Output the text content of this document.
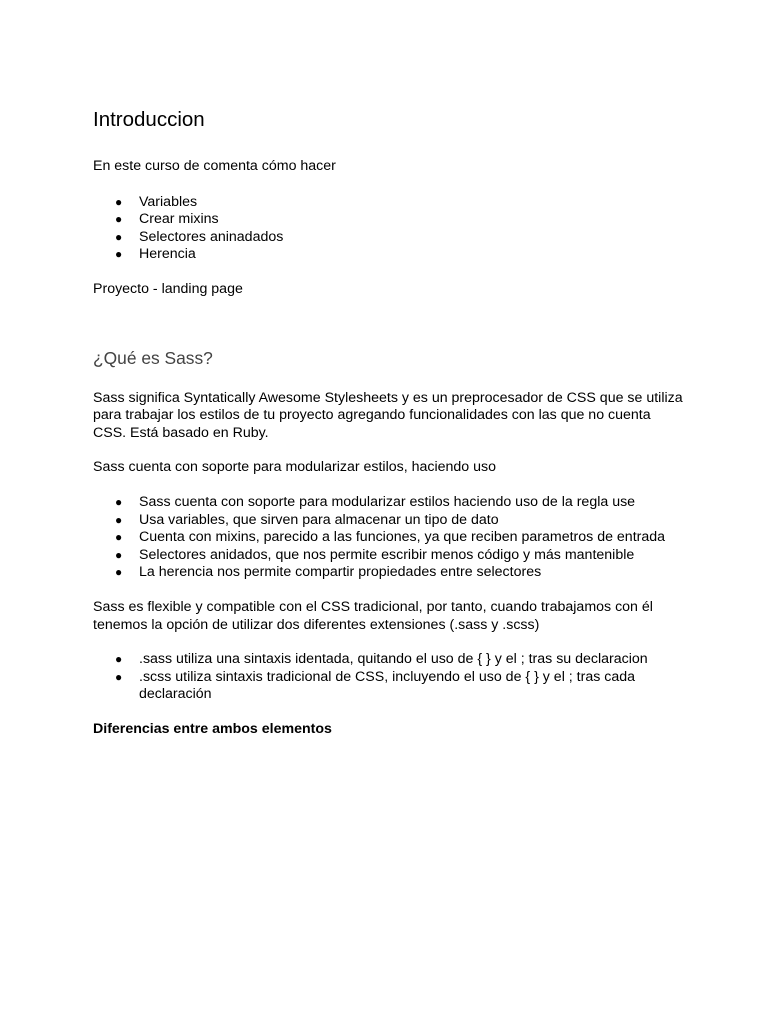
Introduccion

En este curso de comenta cómo hacer

● Variables
● Crear mixins
● Selectores aninadados
● Herencia

Proyecto - landing page

¿Qué es Sass?

Sass significa Syntatically Awesome Stylesheets y es un preprocesador de CSS que se utiliza para trabajar los estilos de tu proyecto agregando funcionalidades con las que no cuenta CSS. Está basado en Ruby.

Sass cuenta con soporte para modularizar estilos, haciendo uso

● Sass cuenta con soporte para modularizar estilos haciendo uso de la regla use
● Usa variables, que sirven para almacenar un tipo de dato
● Cuenta con mixins, parecido a las funciones, ya que reciben parametros de entrada
● Selectores anidados, que nos permite escribir menos código y más mantenible
● La herencia nos permite compartir propiedades entre selectores

Sass es flexible y compatible con el CSS tradicional, por tanto, cuando trabajamos con él tenemos la opción de utilizar dos diferentes extensiones (.sass y .scss)

● .sass utiliza una sintaxis identada, quitando el uso de { } y el ; tras su declaracion
● .scss utiliza sintaxis tradicional de CSS, incluyendo el uso de { } y el ; tras cada declaración

Diferencias entre ambos elementos
